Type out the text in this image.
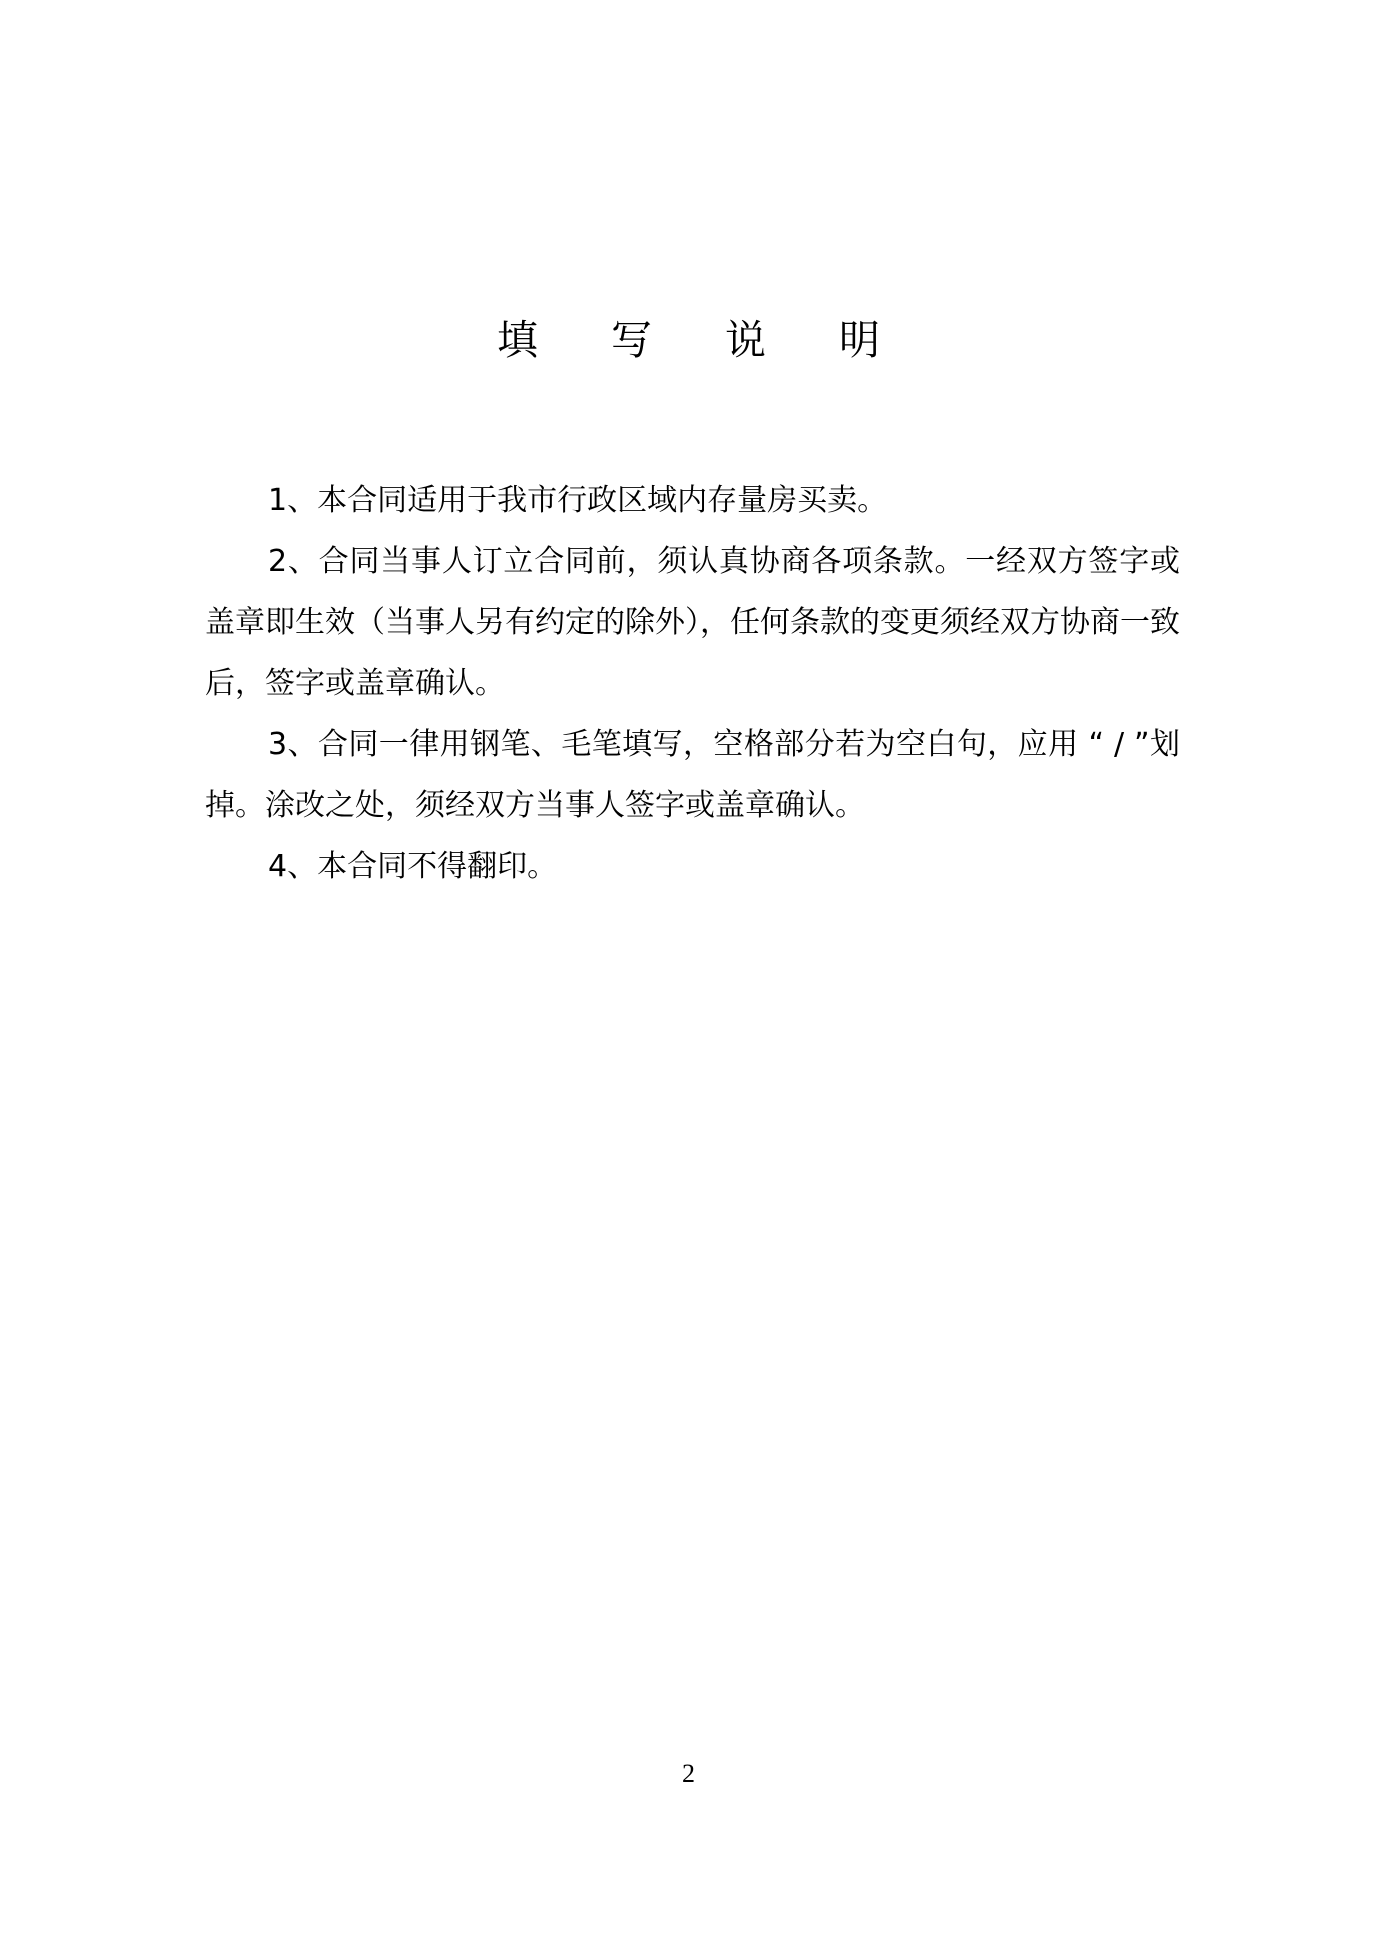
填 写 说 明

1、本合同适用于我市行政区域内存量房买卖。

2、合同当事人订立合同前，须认真协商各项条款。一经双方签字或盖章即生效（当事人另有约定的除外），任何条款的变更须经双方协商一致后，签字或盖章确认。

3、合同一律用钢笔、毛笔填写，空格部分若为空白句，应用 “ / ”划掉。涂改之处，须经双方当事人签字或盖章确认。

4、本合同不得翻印。

2
